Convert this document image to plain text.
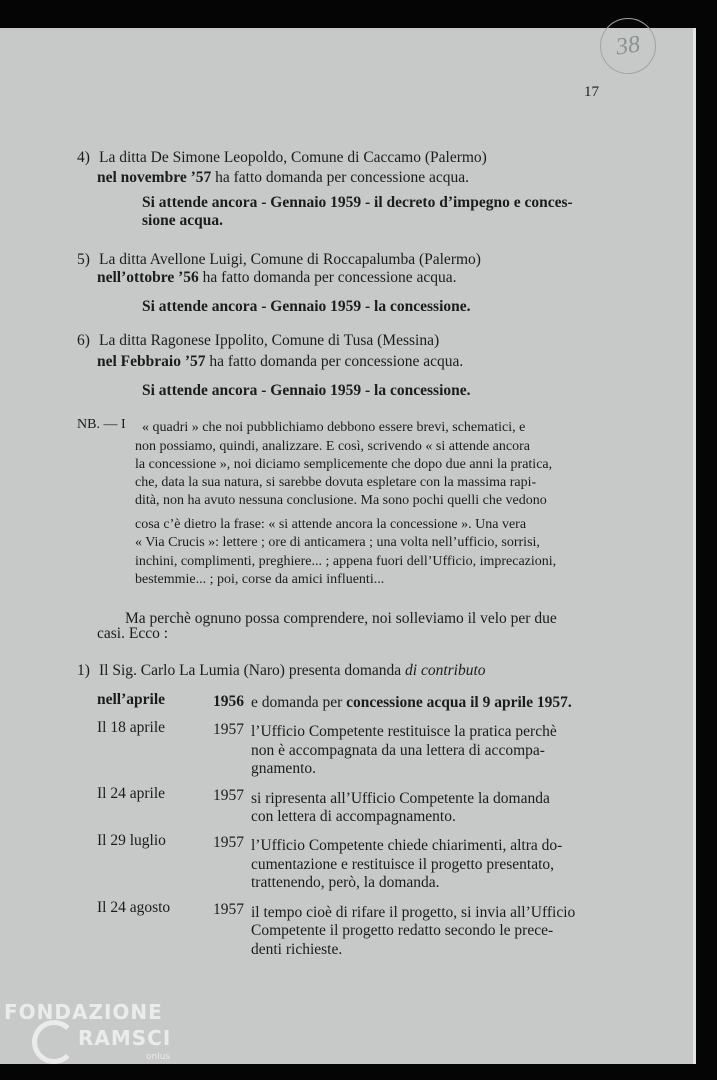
38
17
4) La ditta De Simone Leopoldo, Comune di Caccamo (Palermo)
nel novembre ’57 ha fatto domanda per concessione acqua.
Si attende ancora - Gennaio 1959 - il decreto d’impegno e conces-
sione acqua.
5) La ditta Avellone Luigi, Comune di Roccapalumba (Palermo)
nell’ottobre ’56 ha fatto domanda per concessione acqua.
Si attende ancora - Gennaio 1959 - la concessione.
6) La ditta Ragonese Ippolito, Comune di Tusa (Messina)
nel Febbraio ’57 ha fatto domanda per concessione acqua.
Si attende ancora - Gennaio 1959 - la concessione.
NB. — I « quadri » che noi pubblichiamo debbono essere brevi, schematici, e
non possiamo, quindi, analizzare. E così, scrivendo « si attende ancora
la concessione », noi diciamo semplicemente che dopo due anni la pratica,
che, data la sua natura, si sarebbe dovuta espletare con la massima rapi-
dità, non ha avuto nessuna conclusione. Ma sono pochi quelli che vedono
cosa c’è dietro la frase: « si attende ancora la concessione ». Una vera
« Via Crucis »: lettere ; ore di anticamera ; una volta nell’ufficio, sorrisi,
inchini, complimenti, preghiere... ; appena fuori dell’Ufficio, imprecazioni,
bestemmie... ; poi, corse da amici influenti...
Ma perchè ognuno possa comprendere, noi solleviamo il velo per due
casi. Ecco :
1) Il Sig. Carlo La Lumia (Naro) presenta domanda di contributo
nell’aprile	1956 e domanda per concessione acqua il 9 aprile 1957.
Il 18 aprile	1957 l’Ufficio Competente restituisce la pratica perchè
non è accompagnata da una lettera di accompa-
gnamento.
Il 24 aprile	1957 si ripresenta all’Ufficio Competente la domanda
con lettera di accompagnamento.
Il 29 luglio	1957 l’Ufficio Competente chiede chiarimenti, altra do-
cumentazione e restituisce il progetto presentato,
trattenendo, però, la domanda.
Il 24 agosto	1957 il tempo cioè di rifare il progetto, si invia all’Ufficio
Competente il progetto redatto secondo le prece-
denti richieste.
FONDAZIONE
RAMSCI
onlus
